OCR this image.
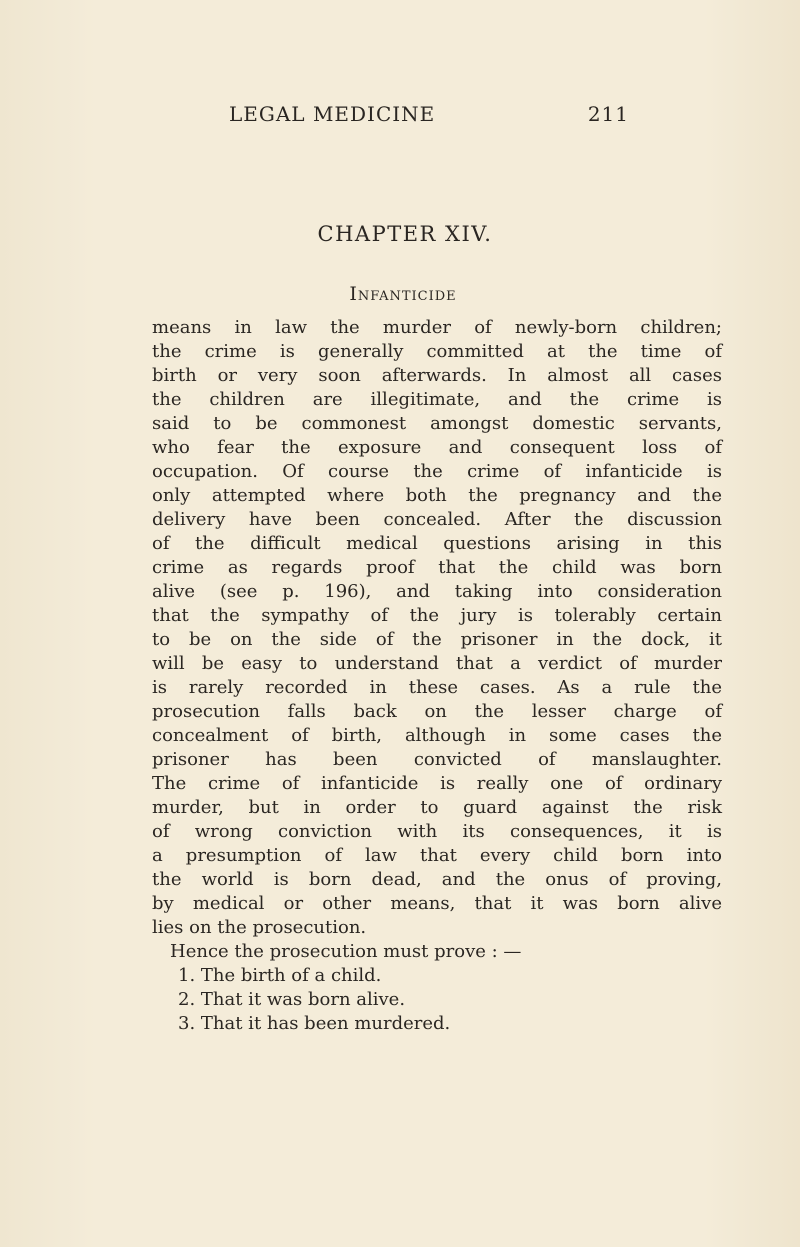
LEGAL MEDICINE	211
CHAPTER XIV.
Infanticide
means in law the murder of newly-born children;
the crime is generally committed at the time of
birth or very soon afterwards. In almost all cases
the children are illegitimate, and the crime is
said to be commonest amongst domestic servants,
who fear the exposure and consequent loss of
occupation. Of course the crime of infanticide is
only attempted where both the pregnancy and the
delivery have been concealed. After the discussion
of the difficult medical questions arising in this
crime as regards proof that the child was born
alive (see p. 196), and taking into consideration
that the sympathy of the jury is tolerably certain
to be on the side of the prisoner in the dock, it
will be easy to understand that a verdict of murder
is rarely recorded in these cases. As a rule the
prosecution falls back on the lesser charge of
concealment of birth, although in some cases the
prisoner has been convicted of manslaughter.
The crime of infanticide is really one of ordinary
murder, but in order to guard against the risk
of wrong conviction with its consequences, it is
a presumption of law that every child born into
the world is born dead, and the onus of proving,
by medical or other means, that it was born alive
lies on the prosecution.
Hence the prosecution must prove : —
1. The birth of a child.
2. That it was born alive.
3. That it has been murdered.
